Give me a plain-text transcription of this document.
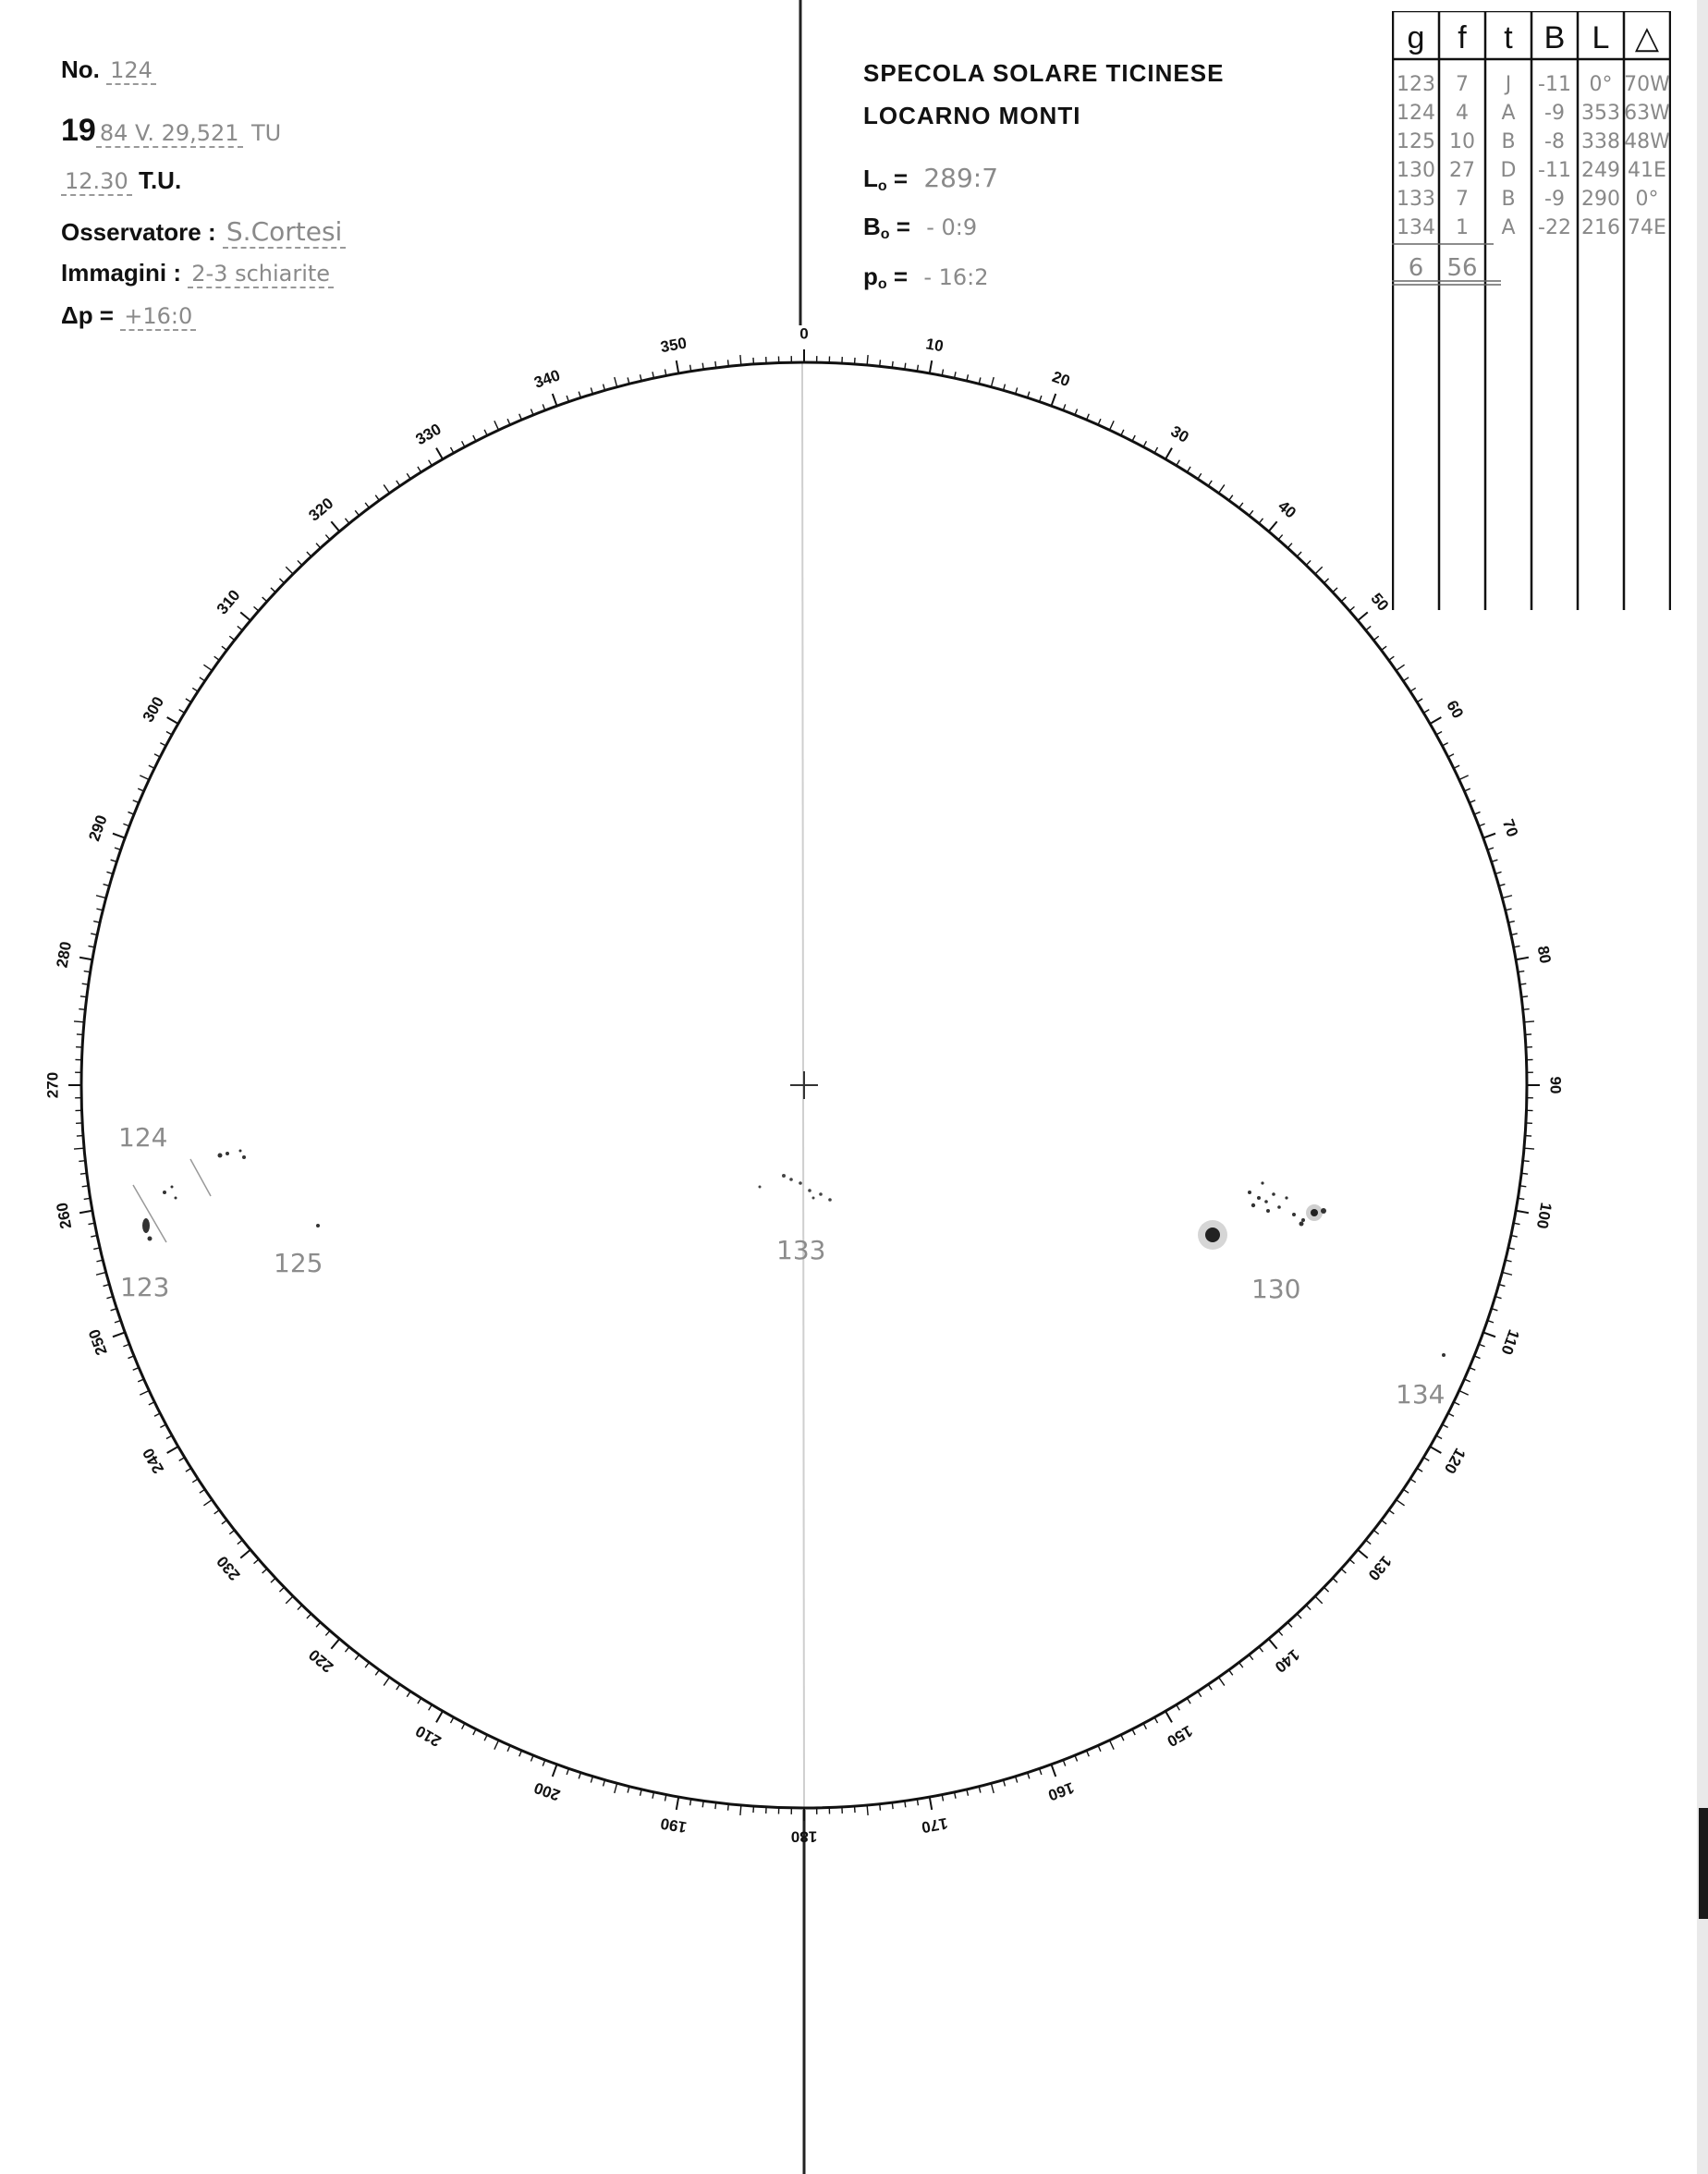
No. 124
19 84 V. 29,521 TU
12.30 T.U.
Osservatore : S.Cortesi
Immagini : 2-3 schiarite
Δp = +16:0
SPECOLA SOLARE TICINESE
LOCARNO MONTI
$L_o$ = 289:7
$B_o$ = - 0:9
$p_o$ = - 16:2
0
10
20
30
40
50
60
70
80
90
100
110
120
130
140
150
160
170
180
190
200
210
220
230
240
250
260
270
280
290
300
310
320
330
340
350
124
123
125	133
130
134
g f t B L △
123 7 J -11 0° 70W
124 4 A -9 353 63W
125 10 B -8 338 48W
130 27 D -11 249 41E
133 7 B -9 290 0°
134 1 A -22 216 74E
6 56
